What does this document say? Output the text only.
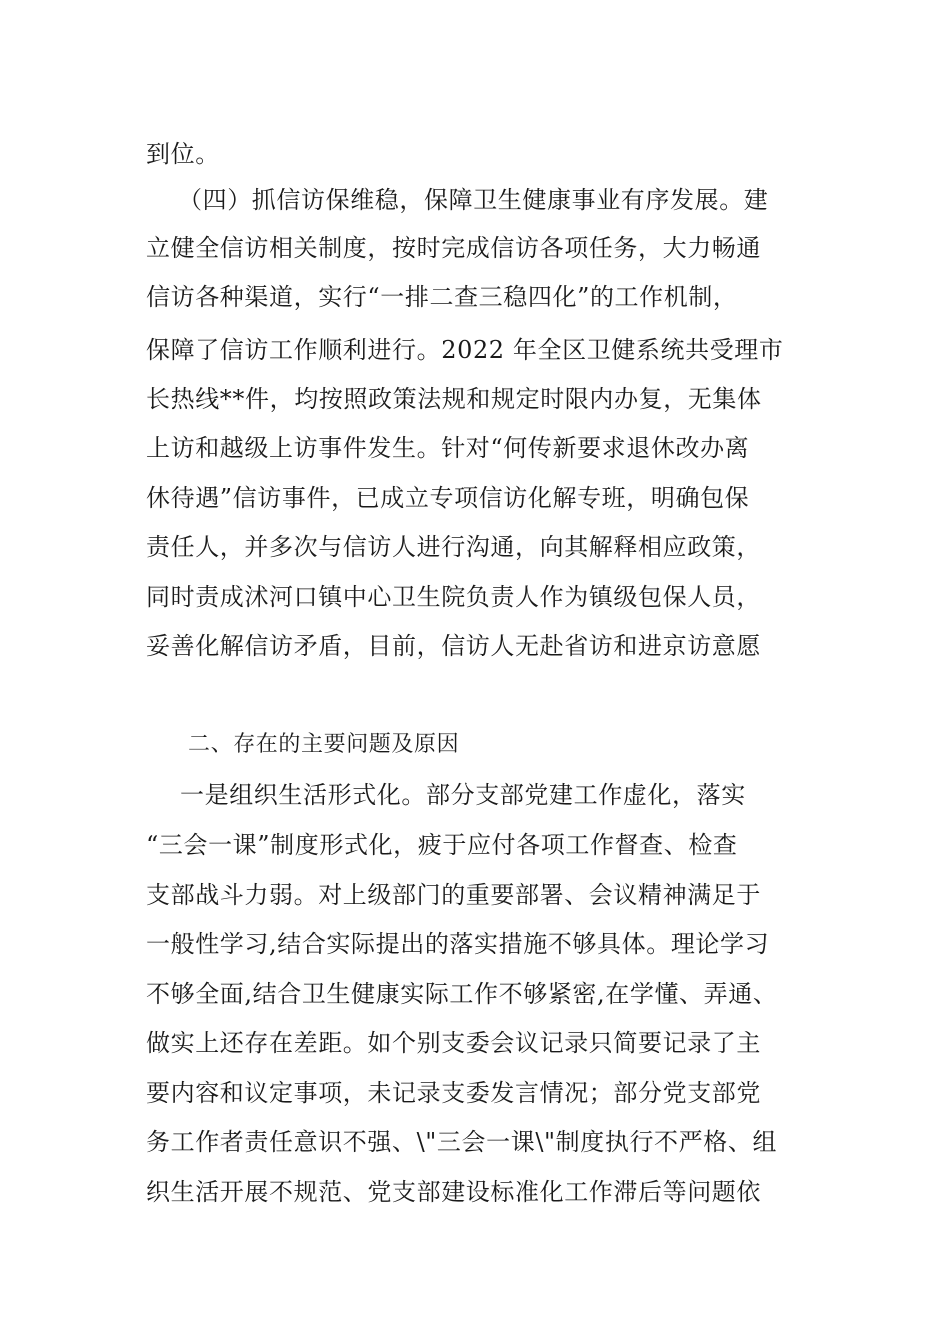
到位。
（四）抓信访保维稳，保障卫生健康事业有序发展。建
立健全信访相关制度，按时完成信访各项任务，大力畅通
信访各种渠道，实行“一排二查三稳四化”的工作机制，
保障了信访工作顺利进行。2022 年全区卫健系统共受理市
长热线**件，均按照政策法规和规定时限内办复，无集体
上访和越级上访事件发生。针对“何传新要求退休改办离
休待遇”信访事件，已成立专项信访化解专班，明确包保
责任人，并多次与信访人进行沟通，向其解释相应政策，
同时责成沭河口镇中心卫生院负责人作为镇级包保人员，
妥善化解信访矛盾，目前，信访人无赴省访和进京访意愿
二、存在的主要问题及原因
一是组织生活形式化。部分支部党建工作虚化，落实
“三会一课”制度形式化，疲于应付各项工作督查、检查
支部战斗力弱。对上级部门的重要部署、会议精神满足于
一般性学习,结合实际提出的落实措施不够具体。理论学习
不够全面,结合卫生健康实际工作不够紧密,在学懂、弄通、
做实上还存在差距。如个别支委会议记录只简要记录了主
要内容和议定事项，未记录支委发言情况；部分党支部党
务工作者责任意识不强、\"三会一课\"制度执行不严格、组
织生活开展不规范、党支部建设标准化工作滞后等问题依
